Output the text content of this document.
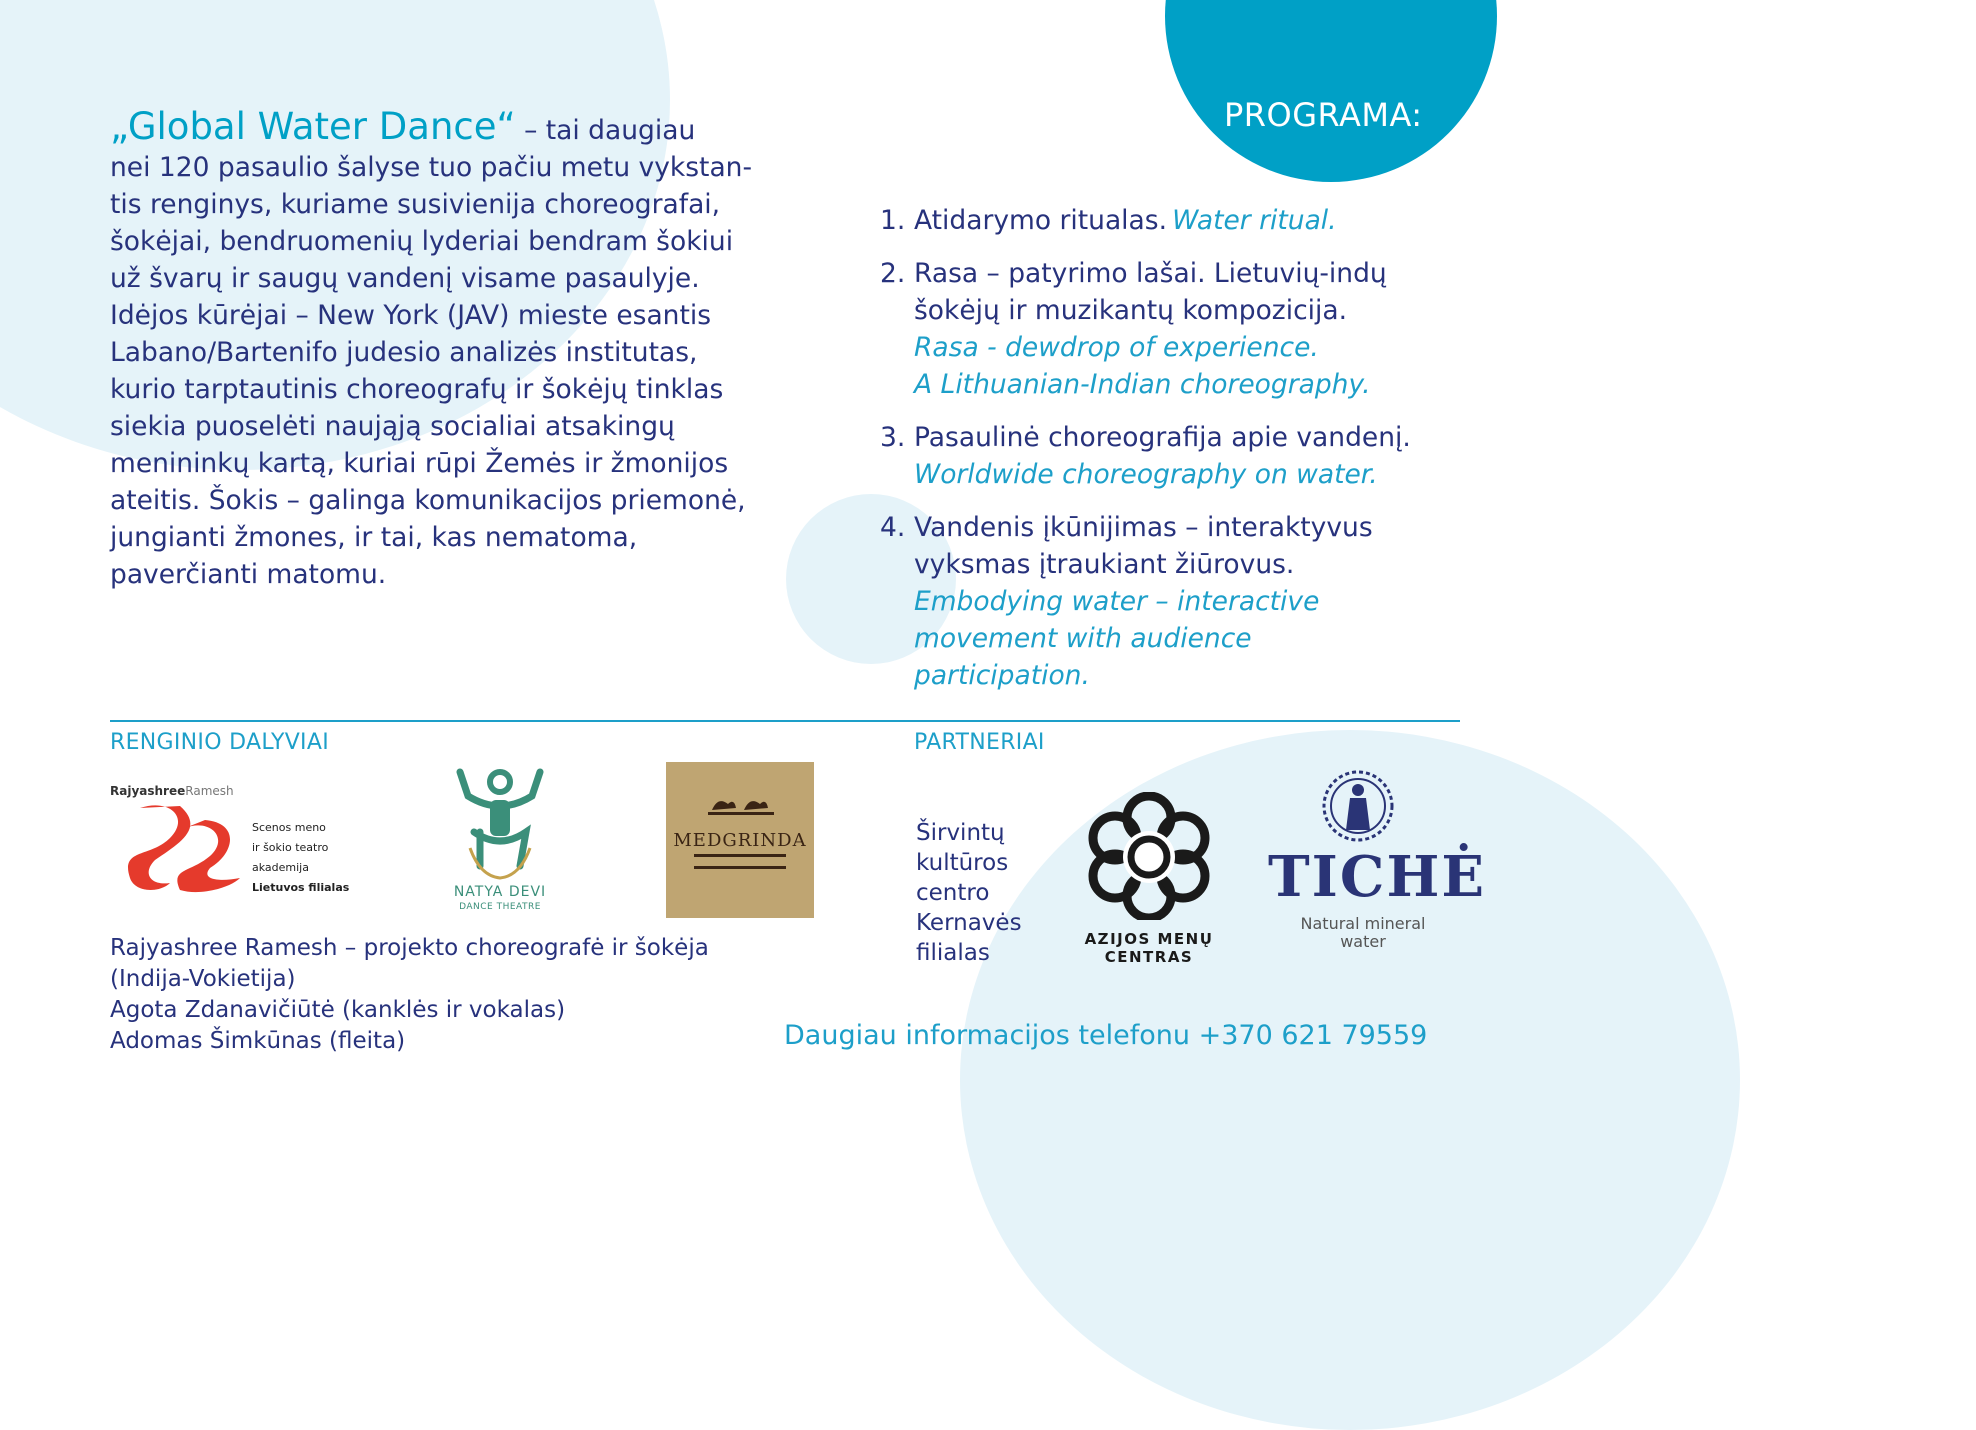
PROGRAMA:
„Global Water Dance“ – tai daugiau
nei 120 pasaulio šalyse tuo pačiu metu vykstan-
tis renginys, kuriame susivienija choreografai,
šokėjai, bendruomenių lyderiai bendram šokiui
už švarų ir saugų vandenį visame pasaulyje.
Idėjos kūrėjai – New York (JAV) mieste esantis
Labano/Bartenifo judesio analizės institutas,
kurio tarptautinis choreografų ir šokėjų tinklas
siekia puoselėti naująją socialiai atsakingų
menininkų kartą, kuriai rūpi Žemės ir žmonijos
ateitis. Šokis – galinga komunikacijos priemonė,
jungianti žmones, ir tai, kas nematoma,
paverčianti matomu.
1. Atidarymo ritualas. Water ritual.
2. Rasa – patyrimo lašai. Lietuvių-indų
šokėjų ir muzikantų kompozicija.
Rasa - dewdrop of experience.
A Lithuanian-Indian choreography.
3. Pasaulinė choreografija apie vandenį.
Worldwide choreography on water.
4. Vandenis įkūnijimas – interaktyvus
vyksmas įtraukiant žiūrovus.
Embodying water – interactive
movement with audience
participation.
RENGINIO DALYVIAI	PARTNERIAI
RajyashreeRamesh
Scenos meno
ir šokio teatro
akademija
Lietuvos filialas	NATYA DEVI
DANCE THEATRE
MEDGRINDA
Rajyashree Ramesh – projekto choreografė ir šokėja
(Indija-Vokietija)
Agota Zdanavičiūtė (kanklės ir vokalas)
Adomas Šimkūnas (fleita)
Širvintų
kultūros
centro
Kernavės
filialas
AZIJOS MENŲ
CENTRAS
TICHĖ
Natural mineral
water
Daugiau informacijos telefonu +370 621 79559
